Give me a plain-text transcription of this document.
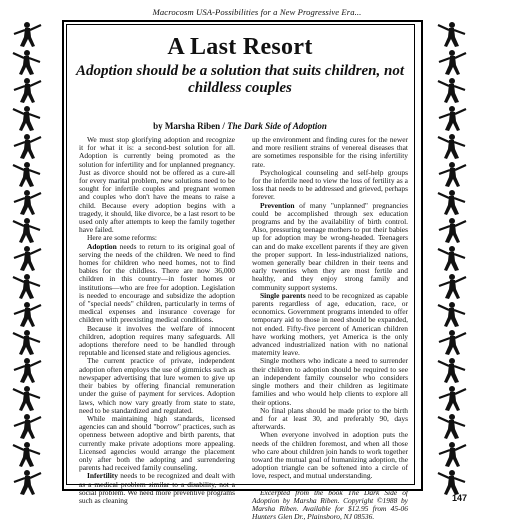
Macrocosm USA-Possibilities for a New Progressive Era...
A Last Resort
Adoption should be a solution that suits children, not childless couples
by Marsha Riben / The Dark Side of Adoption

We must stop glorifying adoption and recognize it for what it is: a second-best solution for all. Adoption is currently being promoted as the solution for infertility and for unplanned pregnancy. Just as divorce should not be offered as a cure-all for every marital problem, new solutions need to be sought for infertile couples and pregnant women and couples who don't have the means to raise a child. Because every adoption begins with a tragedy, it should, like divorce, be a last resort to be used only after attempts to keep the family together have failed.

Here are some reforms:

Adoption needs to return to its original goal of serving the needs of the children. We need to find homes for children who need homes, not to find babies for the childless. There are now 36,000 children in this country—in foster homes or institutions—who are free for adoption. Legislation is needed to encourage and subsidize the adoption of "special needs" children, particularly in terms of medical expenses and insurance coverage for children with preexisting medical conditions.

Because it involves the welfare of innocent children, adoption requires many safeguards. All adoptions therefore need to be handled through reputable and licensed state and religious agencies.

The current practice of private, independent adoption often employs the use of gimmicks such as newspaper advertising that lure women to give up their babies by offering financial remuneration under the guise of payment for services. Adoption laws, which now vary greatly from state to state, need to be standardized and regulated.

While maintaining high standards, licensed agencies can and should "borrow" practices, such as openness between adoptive and birth parents, that currently make private adoptions more appealing. Licensed agencies would arrange the placement only after both the adopting and surrendering parents had received family counseling.

Infertility needs to be recognized and dealt with as a medical problem similar to a disability, not a social problem. We need more preventive programs such as cleaning

up the environment and finding cures for the newer and more resilient strains of venereal diseases that are sometimes responsible for the rising infertility rate.

Psychological counseling and self-help groups for the infertile need to view the loss of fertility as a loss that needs to be addressed and grieved, perhaps forever.

Prevention of many "unplanned" pregnancies could be accomplished through sex education programs and by the availability of birth control. Also, pressuring teenage mothers to put their babies up for adoption may be wrong-headed. Teenagers can and do make excellent parents if they are given the proper support. In less-industrialized nations, women generally bear children in their teens and early twenties when they are most fertile and healthy, and they enjoy strong family and community support systems.

Single parents need to be recognized as capable parents regardless of age, education, race, or economics. Government programs intended to offer temporary aid to those in need should be expanded, not ended. Fifty-five percent of American children have working mothers, yet America is the only advanced industrialized nation with no national maternity leave.

Single mothers who indicate a need to surrender their children to adoption should be required to see an independent family counselor who considers single mothers and their children as legitimate families and who would help clients to explore all their options.

No final plans should be made prior to the birth and for at least 30, and preferably 90, days afterwards.

When everyone involved in adoption puts the needs of the children foremost, and when all those who care about children join hands to work together toward the mutual goal of humanizing adoption, the adoption triangle can be softened into a circle of love, respect, and mutual understanding.

Excerpted from the book The Dark Side of Adoption by Marsha Riben. Copyright ©1988 by Marsha Riben. Available for $12.95 from 45-06 Hunters Glen Dr., Plainsboro, NJ 08536.

147
